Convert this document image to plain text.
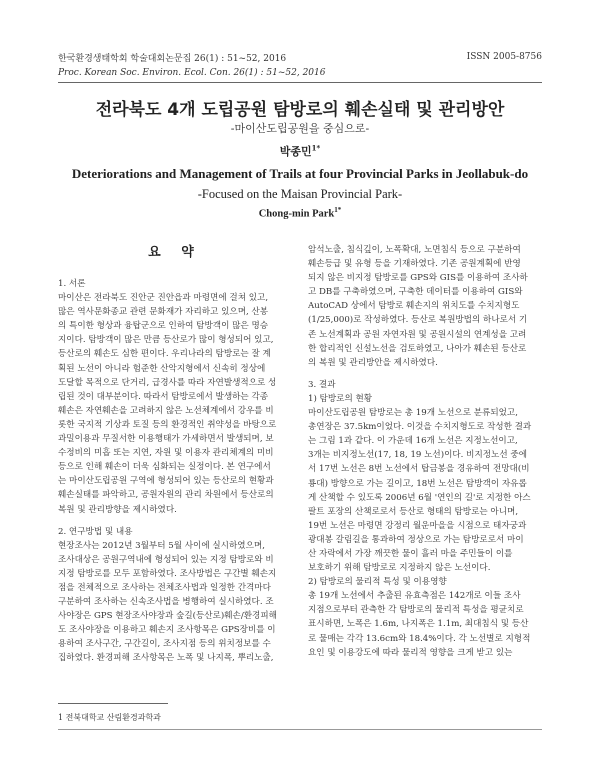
한국환경생태학회 학술대회논문집 26(1) : 51~52, 2016
Proc. Korean Soc. Environ. Ecol. Con. 26(1) : 51~52, 2016
ISSN 2005-8756
전라북도 4개 도립공원 탐방로의 훼손실태 및 관리방안
-마이산도립공원을 중심으로-
박종민$^{1*}$
Deteriorations and Management of Trails at four Provincial Parks in Jeollabuk-do
-Focused on the Maisan Provincial Park-
Chong-min Park$^{1*}$

요 약

1. 서론

마이산은 전라북도 진안군 진안읍과 마령면에 걸쳐 있고,

많은 역사문화종교 관련 문화재가 자리하고 있으며, 산봉

의 특이한 형상과 융탑군으로 인하여 탐방객이 많은 명승

지이다. 탐방객이 많은 만큼 등산로가 많이 형성되어 있고,

등산로의 훼손도 심한 편이다. 우리나라의 탐방로는 잘 계

획된 노선이 아니라 험준한 산악지형에서 신속히 정상에

도달할 목적으로 단거리, 급경사를 따라 자연발생적으로 성

립된 것이 대부분이다. 따라서 탐방로에서 발생하는 각종

훼손은 자연훼손을 고려하지 않은 노선체계에서 강우를 비

롯한 국지적 기상과 토질 등의 환경적인 취약성을 바탕으로

과밀이용과 무질서한 이용행태가 가세하면서 발생되며, 보

수정비의 미흡 또는 지연, 자원 및 이용자 관리체계의 미비

등으로 인해 훼손이 더욱 심화되는 실정이다. 본 연구에서

는 마이산도립공원 구역에 형성되어 있는 등산로의 현황과

훼손실태를 파악하고, 공원자원의 관리 차원에서 등산로의

복원 및 관리방향을 제시하였다.

2. 연구방법 및 내용

현장조사는 2012년 3월부터 5월 사이에 실시하였으며,

조사대상은 공원구역내에 형성되어 있는 지정 탐방로와 비

지정 탐방로를 모두 포함하였다. 조사방법은 구간별 훼손지

점을 전체적으로 조사하는 전체조사법과 일정한 간격마다

구분하여 조사하는 신속조사법을 병행하여 실시하였다. 조

사야장은 GPS 현장조사야장과 숲길(등산로)훼손/환경피해

도 조사야장을 이용하고 훼손지 조사항목은 GPS장비를 이

용하여 조사구간, 구간길이, 조사지점 등의 위치정보를 수

집하였다. 환경피해 조사항목은 노폭 및 나지폭, 뿌리노출,

암석노출, 침식깊이, 노폭확대, 노면침식 등으로 구분하여

훼손등급 및 유형 등을 기재하였다. 기존 공원계획에 반영

되지 않은 비지정 탐방로를 GPS와 GIS를 이용하여 조사하

고 DB를 구축하였으며, 구축한 데이터를 이용하여 GIS와

AutoCAD 상에서 탐방로 훼손지의 위치도를 수치지형도

(1/25,000)로 작성하였다. 등산로 복원방법의 하나로서 기

존 노선계획과 공원 자연자원 및 공원시설의 연계성을 고려

한 합리적인 신설노선을 검토하였고, 나아가 훼손된 등산로

의 복원 및 관리방안을 제시하였다.

3. 결과

1) 탐방로의 현황

마이산도립공원 탐방로는 총 19개 노선으로 분류되었고,

총연장은 37.5km이었다. 이것을 수치지형도로 작성한 결과

는 그림 1과 같다. 이 가운데 16개 노선은 지정노선이고,

3개는 비지정노선(17, 18, 19 노선)이다. 비지정노선 중에

서 17번 노선은 8번 노선에서 탑금봉을 경유하여 전망대(비

룡대) 방향으로 가는 길이고, 18번 노선은 탐방객이 자유롭

게 산책할 수 있도록 2006년 6월 '연인의 길'로 지정한 아스

팔트 포장의 산책로로서 등산로 형태의 탐방로는 아니며,

19번 노선은 마령면 강정리 월운마을을 시점으로 태자궁과

광대봉 갈림길을 통과하여 정상으로 가는 탐방로로서 마이

산 자락에서 가장 깨끗한 물이 흘러 마을 주민들이 이를

보호하기 위해 탐방로로 지정하지 않은 노선이다.

2) 탐방로의 물리적 특성 및 이용영향

총 19개 노선에서 추출된 유효측점은 142개로 이들 조사

지점으로부터 관측한 각 탐방로의 물리적 특성을 평균치로

표시하면, 노폭은 1.6m, 나지폭은 1.1m, 최대침식 및 등산

로 물매는 각각 13.6cm와 18.4%이다. 각 노선별로 지형적

요인 및 이용강도에 따라 물리적 영향을 크게 받고 있는

1 전북대학교 산림환경과학과
